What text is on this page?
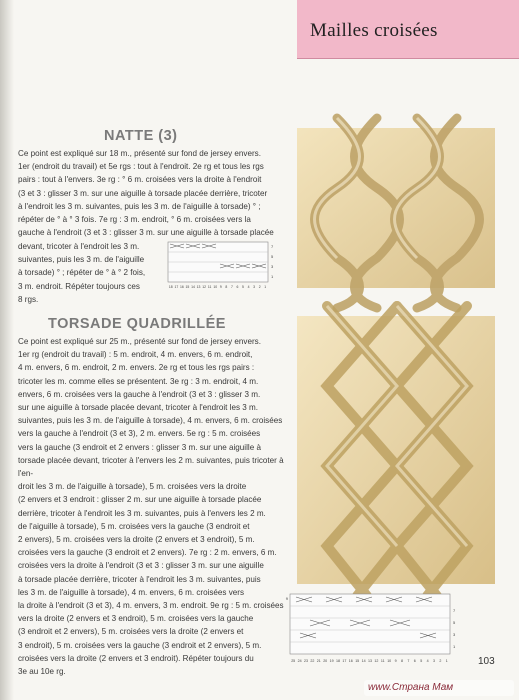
Mailles croisées
NATTE (3)
Ce point est expliqué sur 18 m., présenté sur fond de jersey envers.
1er (endroit du travail) et 5e rgs : tout à l'endroit. 2e rg et tous les rgs
pairs : tout à l'envers. 3e rg : ° 6 m. croisées vers la droite à l'endroit
(3 et 3 : glisser 3 m. sur une aiguille à torsade placée derrière, tricoter
à l'endroit les 3 m. suivantes, puis les 3 m. de l'aiguille à torsade) ° ;
répéter de ° à ° 3 fois. 7e rg : 3 m. endroit, ° 6 m. croisées vers la
gauche à l'endroit (3 et 3 : glisser 3 m. sur une aiguille à torsade placée
devant, tricoter à l'endroit les 3 m.
suivantes, puis les 3 m. de l'aiguille
à torsade) ° ; répéter de ° à ° 2 fois,
3 m. endroit. Répéter toujours ces
8 rgs.
7
5
3
1
18 17 16 15 14 13 12 11 10 9 8 7 6 5 4 3 2 1
TORSADE QUADRILLÉE
Ce point est expliqué sur 25 m., présenté sur fond de jersey envers.
1er rg (endroit du travail) : 5 m. endroit, 4 m. envers, 6 m. endroit,
4 m. envers, 6 m. endroit, 2 m. envers. 2e rg et tous les rgs pairs :
tricoter les m. comme elles se présentent. 3e rg : 3 m. endroit, 4 m.
envers, 6 m. croisées vers la gauche à l'endroit (3 et 3 : glisser 3 m.
sur une aiguille à torsade placée devant, tricoter à l'endroit les 3 m.
suivantes, puis les 3 m. de l'aiguille à torsade), 4 m. envers, 6 m. croisées
vers la gauche à l'endroit (3 et 3), 2 m. envers. 5e rg : 5 m. croisées
vers la gauche (3 endroit et 2 envers : glisser 3 m. sur une aiguille à
torsade placée devant, tricoter à l'envers les 2 m. suivantes, puis tricoter à l'en-
droit les 3 m. de l'aiguille à torsade), 5 m. croisées vers la droite
(2 envers et 3 endroit : glisser 2 m. sur une aiguille à torsade placée
derrière, tricoter à l'endroit les 3 m. suivantes, puis à l'envers les 2 m.
de l'aiguille à torsade), 5 m. croisées vers la gauche (3 endroit et
2 envers), 5 m. croisées vers la droite (2 envers et 3 endroit), 5 m.
croisées vers la gauche (3 endroit et 2 envers). 7e rg : 2 m. envers, 6 m.
croisées vers la droite à l'endroit (3 et 3 : glisser 3 m. sur une aiguille
à torsade placée derrière, tricoter à l'endroit les 3 m. suivantes, puis
les 3 m. de l'aiguille à torsade), 4 m. envers, 6 m. croisées vers
la droite à l'endroit (3 et 3), 4 m. envers, 3 m. endroit. 9e rg : 5 m. croisées
vers la droite (2 envers et 3 endroit), 5 m. croisées vers la gauche
(3 endroit et 2 envers), 5 m. croisées vers la droite (2 envers et
3 endroit), 5 m. croisées vers la gauche (3 endroit et 2 envers), 5 m.
croisées vers la droite (2 envers et 3 endroit). Répéter toujours du
3e au 10e rg.
9
7
5
3
1
25 24 23 22 21 20 19 18 17 16 15 14 13 12 11 10 9 8 7 6 5 4 3 2 1	103
www.Страна Мам
